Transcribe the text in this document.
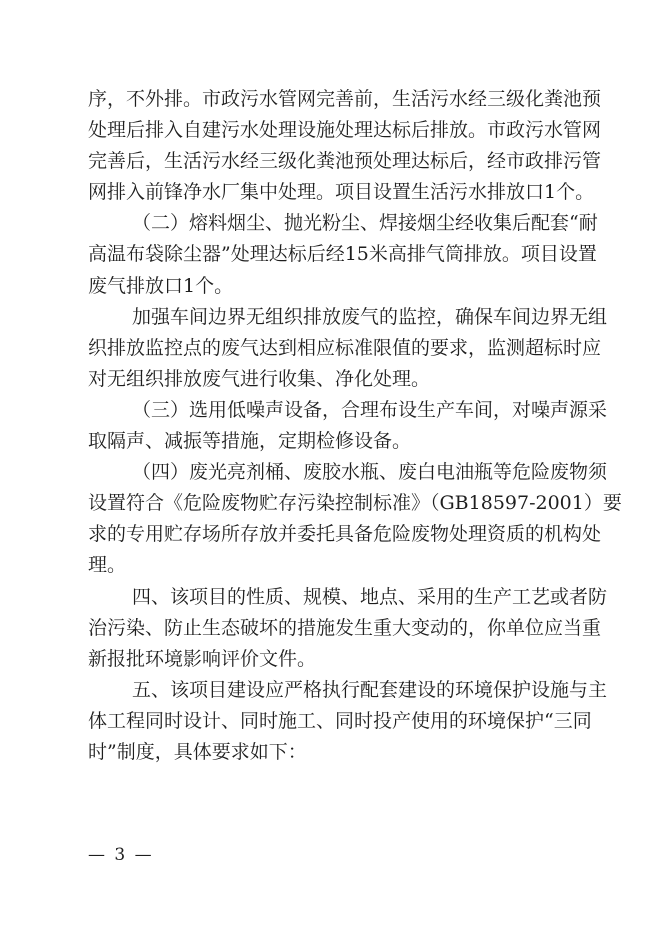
序，不外排。市政污水管网完善前，生活污水经三级化粪池预
处理后排入自建污水处理设施处理达标后排放。市政污水管网
完善后，生活污水经三级化粪池预处理达标后，经市政排污管
网排入前锋净水厂集中处理。项目设置生活污水排放口1个。
（二）熔料烟尘、抛光粉尘、焊接烟尘经收集后配套“耐
高温布袋除尘器”处理达标后经15米高排气筒排放。项目设置
废气排放口1个。
加强车间边界无组织排放废气的监控，确保车间边界无组
织排放监控点的废气达到相应标准限值的要求，监测超标时应
对无组织排放废气进行收集、净化处理。
（三）选用低噪声设备，合理布设生产车间，对噪声源采
取隔声、减振等措施，定期检修设备。
（四）废光亮剂桶、废胶水瓶、废白电油瓶等危险废物须
设置符合《危险废物贮存污染控制标准》（GB18597-2001）要
求的专用贮存场所存放并委托具备危险废物处理资质的机构处
理。
四、该项目的性质、规模、地点、采用的生产工艺或者防
治污染、防止生态破坏的措施发生重大变动的，你单位应当重
新报批环境影响评价文件。
五、该项目建设应严格执行配套建设的环境保护设施与主
体工程同时设计、同时施工、同时投产使用的环境保护“三同
时”制度，具体要求如下：
— 3 —
